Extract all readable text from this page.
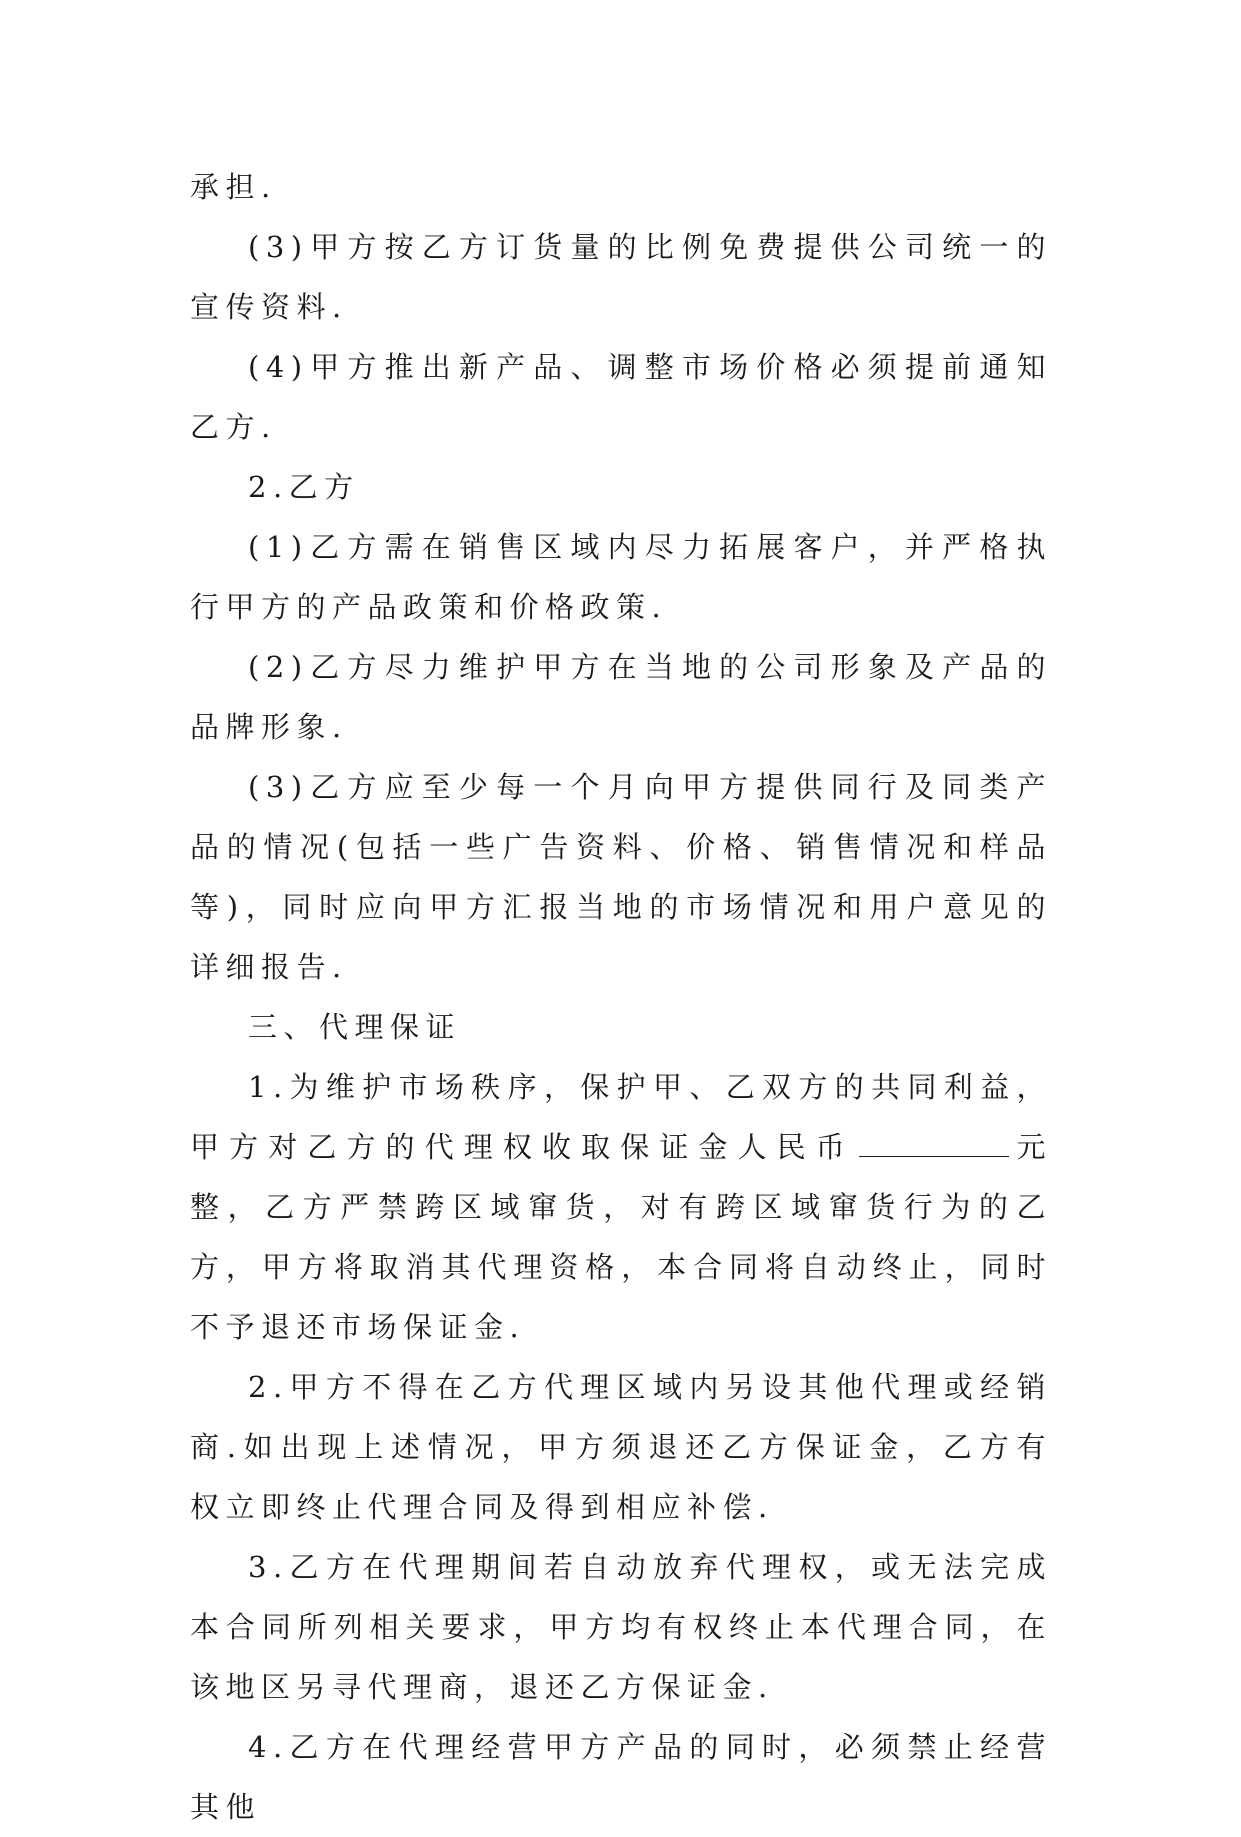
承担.

(3)甲方按乙方订货量的比例免费提供公司统一的宣传资料.

(4)甲方推出新产品、调整市场价格必须提前通知乙方.

2.乙方

(1)乙方需在销售区域内尽力拓展客户，并严格执行甲方的产品政策和价格政策.

(2)乙方尽力维护甲方在当地的公司形象及产品的品牌形象.

(3)乙方应至少每一个月向甲方提供同行及同类产品的情况(包括一些广告资料、价格、销售情况和样品等)，同时应向甲方汇报当地的市场情况和用户意见的详细报告.

三、代理保证

1.为维护市场秩序，保护甲、乙双方的共同利益，甲方对乙方的代理权收取保证金人民币	元整，乙方严禁跨区域窜货，对有跨区域窜货行为的乙方，甲方将取消其代理资格，本合同将自动终止，同时不予退还市场保证金.

2.甲方不得在乙方代理区域内另设其他代理或经销商.如出现上述情况，甲方须退还乙方保证金，乙方有权立即终止代理合同及得到相应补偿.

3.乙方在代理期间若自动放弃代理权，或无法完成本合同所列相关要求，甲方均有权终止本代理合同，在该地区另寻代理商，退还乙方保证金.

4.乙方在代理经营甲方产品的同时，必须禁止经营其他
